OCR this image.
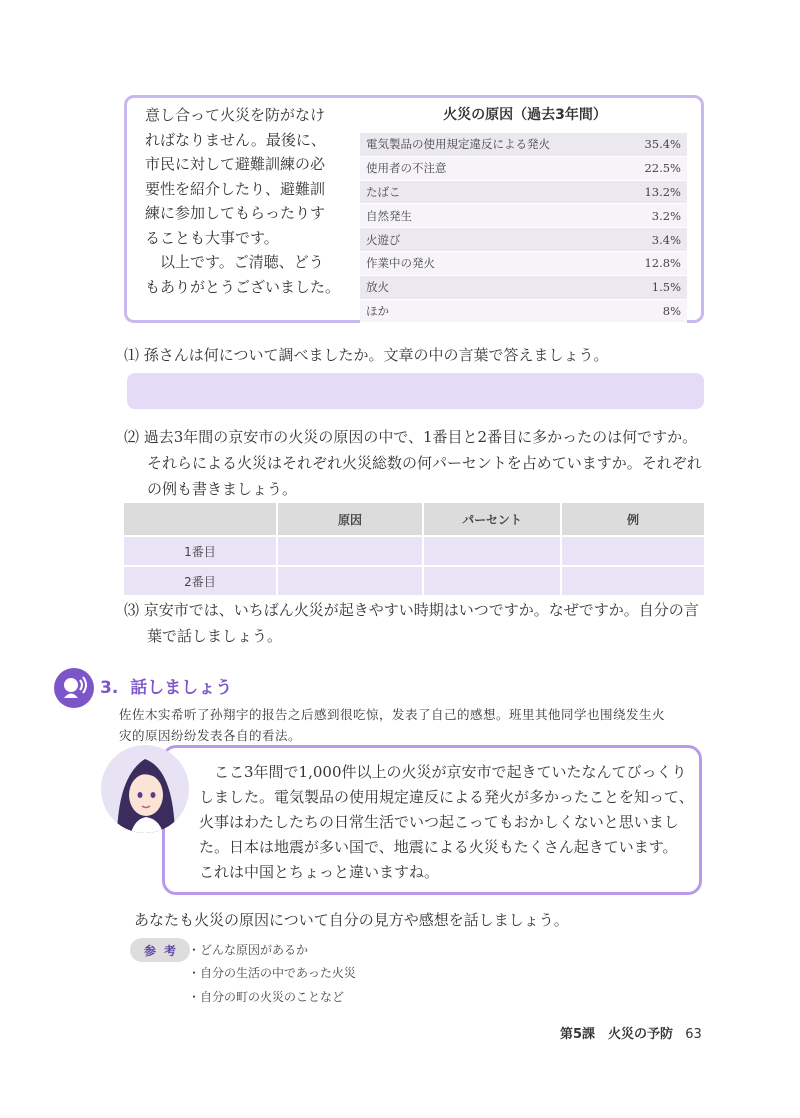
意し合って火災を防がなけ

ればなりません。最後に、

市民に対して避難訓練の必

要性を紹介したり、避難訓

練に参加してもらったりす

ることも大事です。

　以上です。ご清聴、どう

もありがとうございました。

火災の原因（過去3年間）
電気製品の使用規定違反による発火	35.4%
使用者の不注意	22.5%
たばこ	13.2%
自然発生	3.2%
火遊び	3.4%
作業中の発火	12.8%
放火	1.5%
ほか	8%
⑴ 孫さんは何について調べましたか。文章の中の言葉で答えましょう。
⑵ 過去3年間の京安市の火災の原因の中で、1番目と2番目に多かったのは何ですか。
それらによる火災はそれぞれ火災総数の何パーセントを占めていますか。それぞれ
の例も書きましょう。
	原因	パーセント	例
1番目			
2番目			
⑶ 京安市では、いちばん火災が起きやすい時期はいつですか。なぜですか。自分の言
葉で話しましょう。
3. 話しましょう
佐佐木实希听了孙翔宇的报告之后感到很吃惊，发表了自己的感想。班里其他同学也围绕发生火
灾的原因纷纷发表各自的看法。

　ここ3年間で1,000件以上の火災が京安市で起きていたなんてびっくり

しました。電気製品の使用規定違反による発火が多かったことを知って、

火事はわたしたちの日常生活でいつ起こってもおかしくないと思いまし

た。日本は地震が多い国で、地震による火災もたくさん起きています。

これは中国とちょっと違いますね。

あなたも火災の原因について自分の見方や感想を話しましょう。
参考 ・どんな原因があるか
・自分の生活の中であった火災
・自分の町の火災のことなど
第5課　火災の予防 63
